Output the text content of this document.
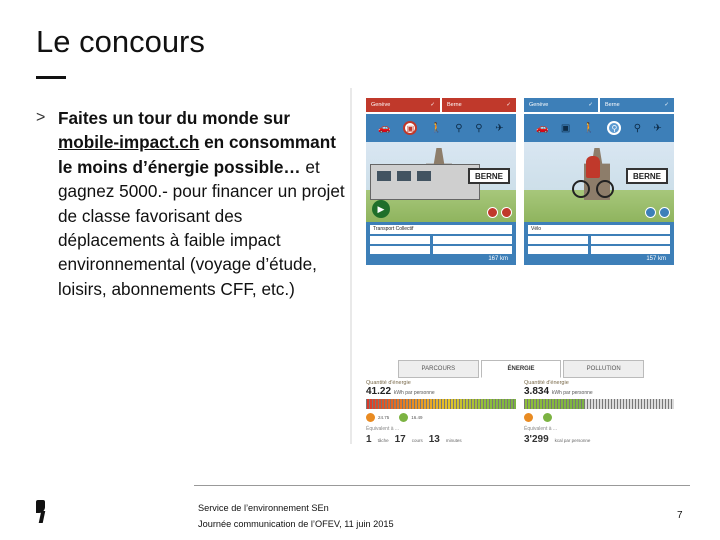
Le concours
> Faites un tour du monde sur mobile-impact.ch en consommant le moins d’énergie possible… et gagnez 5000.- pour financer un projet de classe favorisant des déplacements à faible impact environnemental (voyage d’étude, loisirs, abonnements CFF, etc.)
Genève	✓ Berne	✓
🚗	▣	🚶 ⚲ ⚲ ✈
BERNE
▶
Transport Collectif
167 km
Genève	✓ Berne	✓
🚗 ▣ 🚶	⚲	⚲ ✈
BERNE
Vélo
157 km
PARCOURS	ÉNERGIE	POLLUTION
Quantité d'énergie
41.22 kWh par personne
24.75	16.49
Équivalent à ...
1 tâche 17 cours 13 minutes
Quantité d'énergie
3.834 kWh par personne
Équivalent à ...
3'299 kcal par personne
Service de l’environnement SEn
Journée communication de l’OFEV, 11 juin 2015
7
